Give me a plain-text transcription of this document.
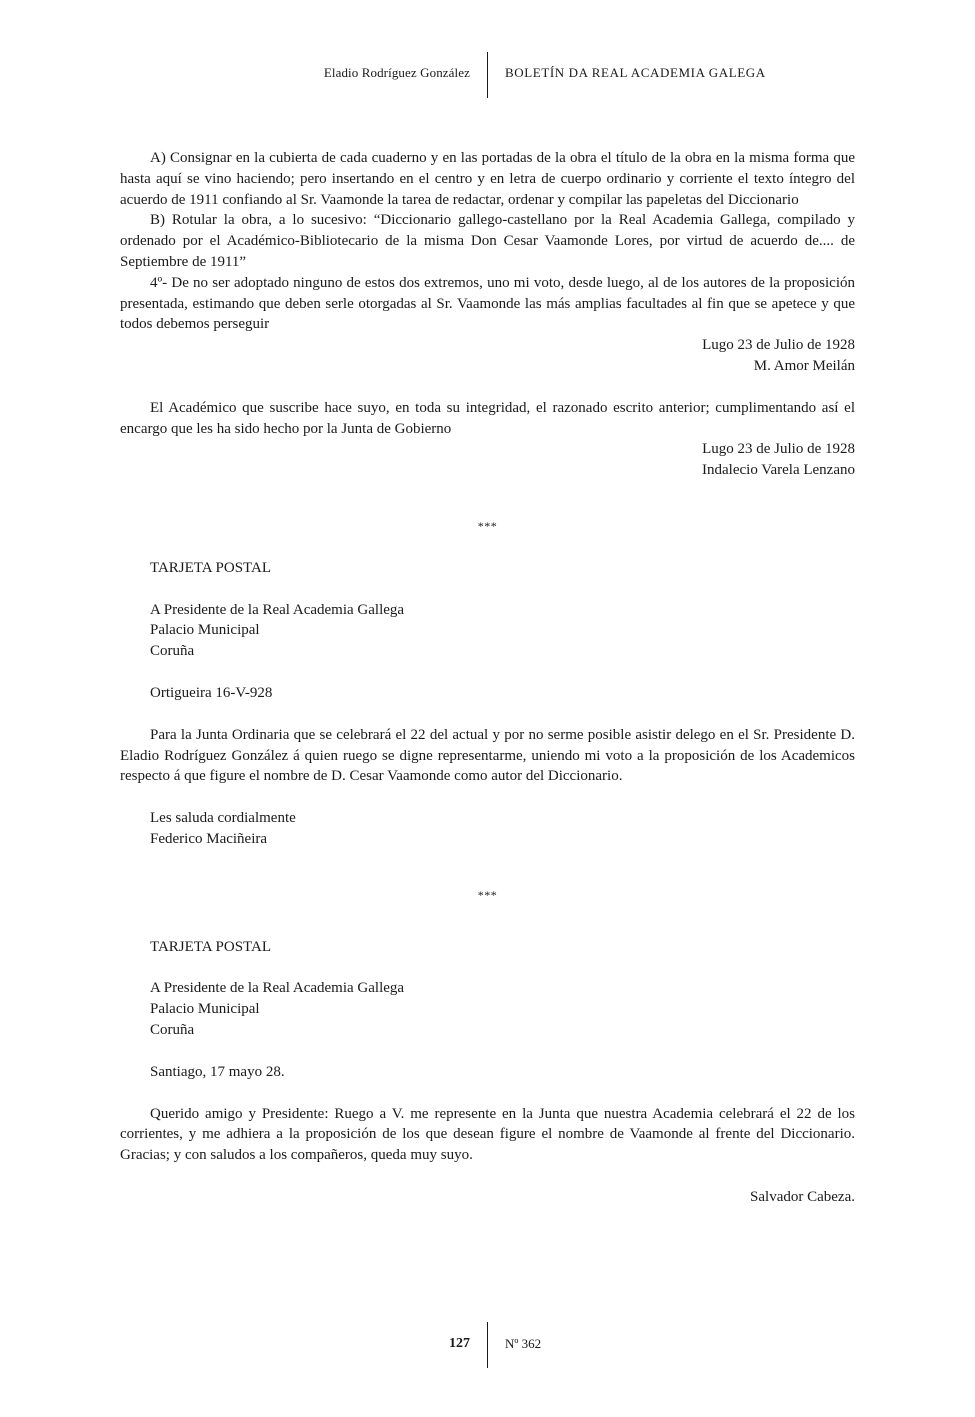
Eladio Rodríguez González	BOLETÍN DA REAL ACADEMIA GALEGA

A) Consignar en la cubierta de cada cuaderno y en las portadas de la obra el título de la obra en la misma forma que hasta aquí se vino haciendo; pero insertando en el centro y en letra de cuerpo ordinario y corriente el texto íntegro del acuerdo de 1911 confiando al Sr. Vaamonde la tarea de redactar, ordenar y compilar las papeletas del Diccionario

B) Rotular la obra, a lo sucesivo: “Diccionario gallego-castellano por la Real Academia Gallega, compilado y ordenado por el Académico-Bibliotecario de la misma Don Cesar Vaamonde Lores, por virtud de acuerdo de.... de Septiembre de 1911”

4º- De no ser adoptado ninguno de estos dos extremos, uno mi voto, desde luego, al de los autores de la proposición presentada, estimando que deben serle otorgadas al Sr. Vaamonde las más amplias facultades al fin que se apetece y que todos debemos perseguir

Lugo 23 de Julio de 1928

M. Amor Meilán

El Académico que suscribe hace suyo, en toda su integridad, el razonado escrito anterior; cumplimentando así el encargo que les ha sido hecho por la Junta de Gobierno

Lugo 23 de Julio de 1928

Indalecio Varela Lenzano

***

TARJETA POSTAL

A Presidente de la Real Academia Gallega

Palacio Municipal

Coruña

Ortigueira 16-V-928

Para la Junta Ordinaria que se celebrará el 22 del actual y por no serme posible asistir delego en el Sr. Presidente D. Eladio Rodríguez González á quien ruego se digne representarme, uniendo mi voto a la proposición de los Academicos respecto á que figure el nombre de D. Cesar Vaamonde como autor del Diccionario.

Les saluda cordialmente

Federico Maciñeira

***

TARJETA POSTAL

A Presidente de la Real Academia Gallega

Palacio Municipal

Coruña

Santiago, 17 mayo 28.

Querido amigo y Presidente: Ruego a V. me represente en la Junta que nuestra Academia celebrará el 22 de los corrientes, y me adhiera a la proposición de los que desean figure el nombre de Vaamonde al frente del Diccionario. Gracias; y con saludos a los compañeros, queda muy suyo.

Salvador Cabeza.

127	Nº 362
